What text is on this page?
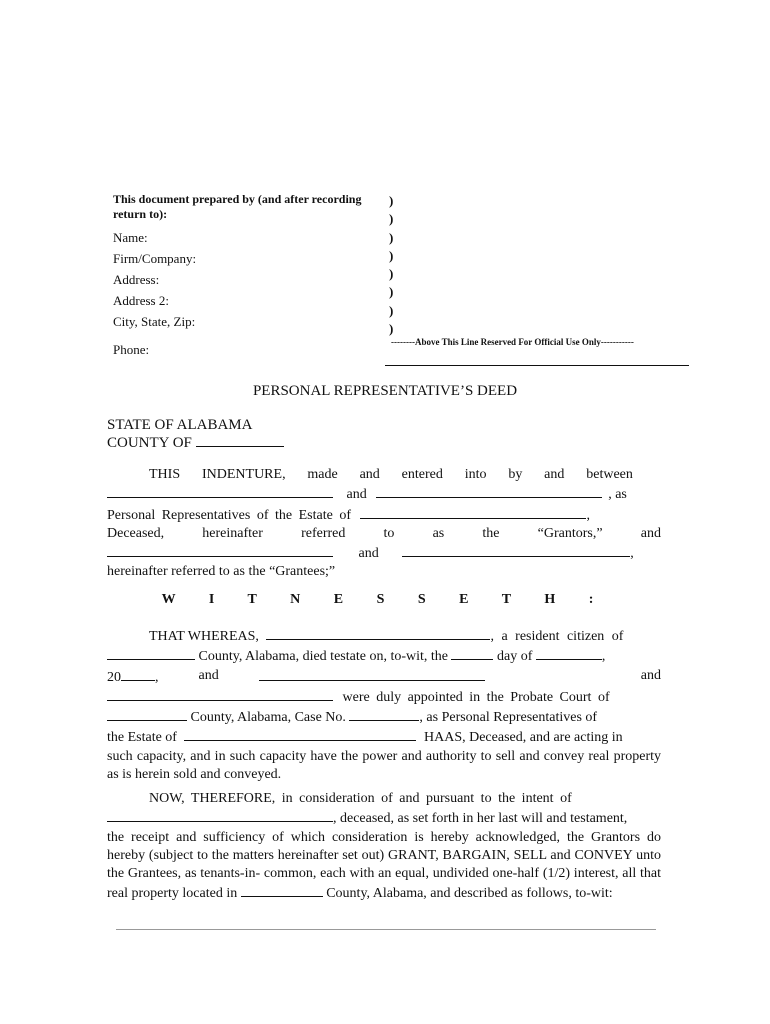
This document prepared by (and after recording return to):
Name:
Firm/Company:
Address:
Address 2:
City, State, Zip:
)
)
)
)
)
)
)
)
Phone:	--------Above This Line Reserved For Official Use Only-----------
PERSONAL REPRESENTATIVE’S DEED
STATE OF ALABAMA
COUNTY OF
THIS INDENTURE, made and entered into by and between
and	, as
Personal Representatives of the Estate of	,
Deceased,	hereinafter	referred	to	as	the	“Grantors,”	and
and	,
hereinafter referred to as the “Grantees;”
W I T N E S S E T H :
THAT WHEREAS,	, a resident citizen of
County, Alabama, died testate on, to-wit, the	day of	,
20 ,	and	and
were duly appointed in the Probate Court of
County, Alabama, Case No.	, as Personal Representatives of
the Estate of	HAAS, Deceased, and are acting in
such capacity, and in such capacity have the power and authority to sell and convey real property as is herein sold and conveyed.
NOW, THEREFORE, in consideration of and pursuant to the intent of
, deceased, as set forth in her last will and testament,
the receipt and sufficiency of which consideration is hereby acknowledged, the Grantors do hereby (subject to the matters hereinafter set out) GRANT, BARGAIN, SELL and CONVEY unto the Grantees, as tenants-in- common, each with an equal, undivided one-half (1/2) interest, all that real property located in	County, Alabama, and described as follows, to-wit:
